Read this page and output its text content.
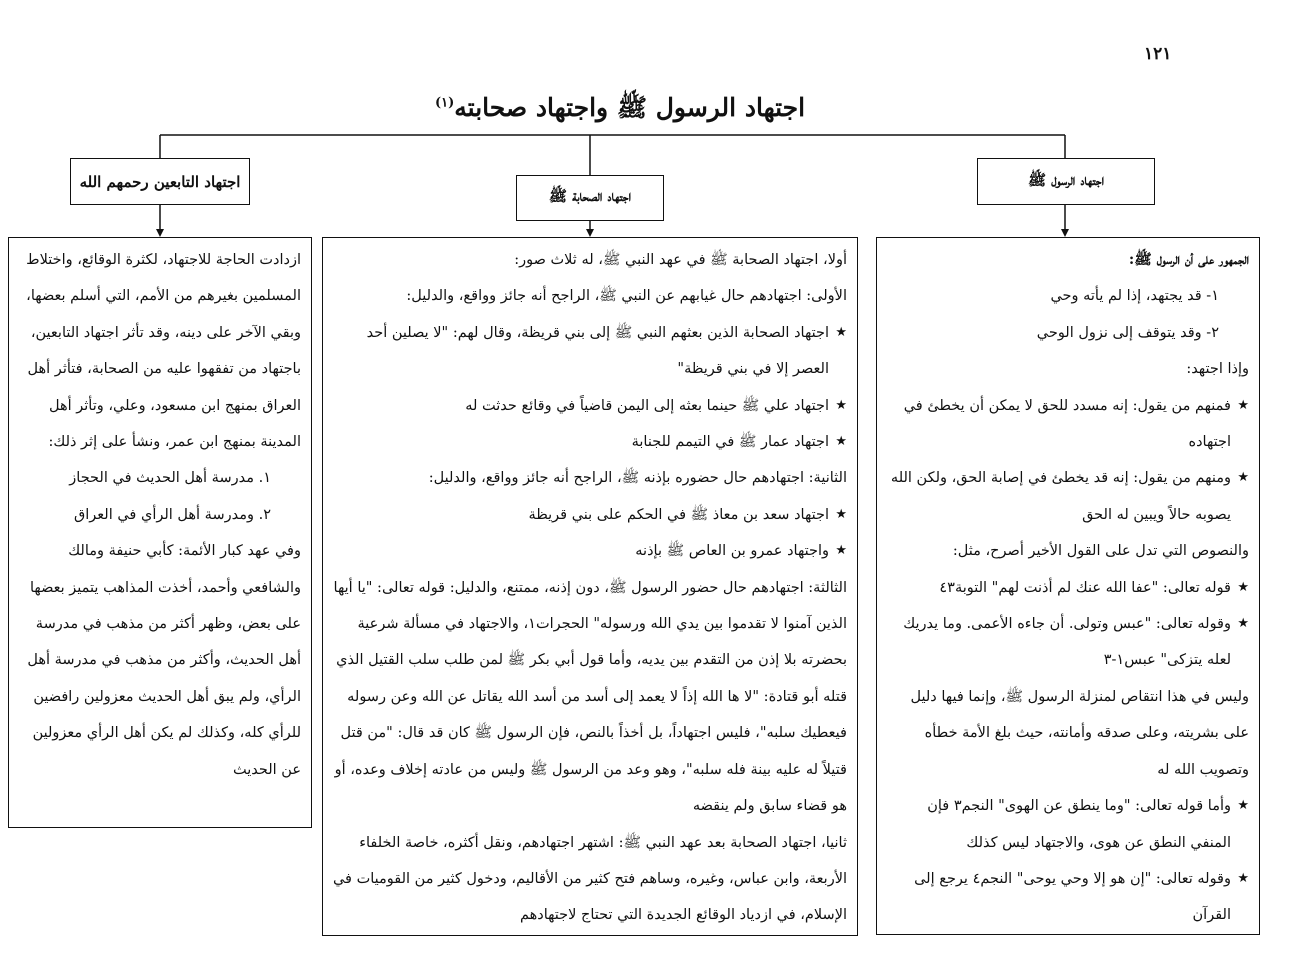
١٢١
اجتهاد الرسول ﷺ واجتهاد صحابته$^{(١)}$
اجتهاد الرسول ﷺ
اجتهاد الصحابة ﷺ
اجتهاد التابعين رحمهم الله

الجمهور على أن الرسول ﷺ:

١- قد يجتهد، إذا لم يأته وحي

٢- وقد يتوقف إلى نزول الوحي

وإذا اجتهد:

★ فمنهم من يقول: إنه مسدد للحق لا يمكن أن يخطئ في اجتهاده
★ ومنهم من يقول: إنه قد يخطئ في إصابة الحق، ولكن الله يصوبه حالاً ويبين له الحق

والنصوص التي تدل على القول الأخير أصرح، مثل:

★ قوله تعالى: "عفا الله عنك لم أذنت لهم" التوبة٤٣
★ وقوله تعالى: "عبس وتولى. أن جاءه الأعمى. وما يدريك لعله يتزكى" عبس١-٣

وليس في هذا انتقاص لمنزلة الرسول ﷺ، وإنما فيها دليل على بشريته، وعلى صدقه وأمانته، حيث بلغ الأمة خطأه وتصويب الله له

★ وأما قوله تعالى: "وما ينطق عن الهوى" النجم٣ فإن المنفي النطق عن هوى، والاجتهاد ليس كذلك
★ وقوله تعالى: "إن هو إلا وحي يوحى" النجم٤ يرجع إلى القرآن

أولا، اجتهاد الصحابة ﷺ في عهد النبي ﷺ، له ثلاث صور:

الأولى: اجتهادهم حال غيابهم عن النبي ﷺ، الراجح أنه جائز وواقع، والدليل:

★ اجتهاد الصحابة الذين بعثهم النبي ﷺ إلى بني قريظة، وقال لهم: "لا يصلين أحد العصر إلا في بني قريظة"
★ اجتهاد علي ﷺ حينما بعثه إلى اليمن قاضياً في وقائع حدثت له
★ اجتهاد عمار ﷺ في التيمم للجنابة

الثانية: اجتهادهم حال حضوره بإذنه ﷺ، الراجح أنه جائز وواقع، والدليل:

★ اجتهاد سعد بن معاذ ﷺ في الحكم على بني قريظة
★ واجتهاد عمرو بن العاص ﷺ بإذنه

الثالثة: اجتهادهم حال حضور الرسول ﷺ، دون إذنه، ممتنع، والدليل: قوله تعالى: "يا أيها الذين آمنوا لا تقدموا بين يدي الله ورسوله" الحجرات١، والاجتهاد في مسألة شرعية بحضرته بلا إذن من التقدم بين يديه، وأما قول أبي بكر ﷺ لمن طلب سلب القتيل الذي قتله أبو قتادة: "لا ها الله إذاً لا يعمد إلى أسد من أسد الله يقاتل عن الله وعن رسوله فيعطيك سلبه"، فليس اجتهاداً، بل أخذاً بالنص، فإن الرسول ﷺ كان قد قال: "من قتل قتيلاً له عليه بينة فله سلبه"، وهو وعد من الرسول ﷺ وليس من عادته إخلاف وعده، أو هو قضاء سابق ولم ينقضه

ثانيا، اجتهاد الصحابة بعد عهد النبي ﷺ: اشتهر اجتهادهم، ونقل أكثره، خاصة الخلفاء الأربعة، وابن عباس، وغيره، وساهم فتح كثير من الأقاليم، ودخول كثير من القوميات في الإسلام، في ازدياد الوقائع الجديدة التي تحتاج لاجتهادهم

ازدادت الحاجة للاجتهاد، لكثرة الوقائع، واختلاط المسلمين بغيرهم من الأمم، التي أسلم بعضها، وبقي الآخر على دينه، وقد تأثر اجتهاد التابعين، باجتهاد من تفقهوا عليه من الصحابة، فتأثر أهل العراق بمنهج ابن مسعود، وعلي، وتأثر أهل المدينة بمنهج ابن عمر، ونشأ على إثر ذلك:

١. مدرسة أهل الحديث في الحجاز

٢. ومدرسة أهل الرأي في العراق

وفي عهد كبار الأئمة: كأبي حنيفة ومالك والشافعي وأحمد، أخذت المذاهب يتميز بعضها على بعض، وظهر أكثر من مذهب في مدرسة أهل الحديث، وأكثر من مذهب في مدرسة أهل الرأي، ولم يبق أهل الحديث معزولين رافضين للرأي كله، وكذلك لم يكن أهل الرأي معزولين عن الحديث
